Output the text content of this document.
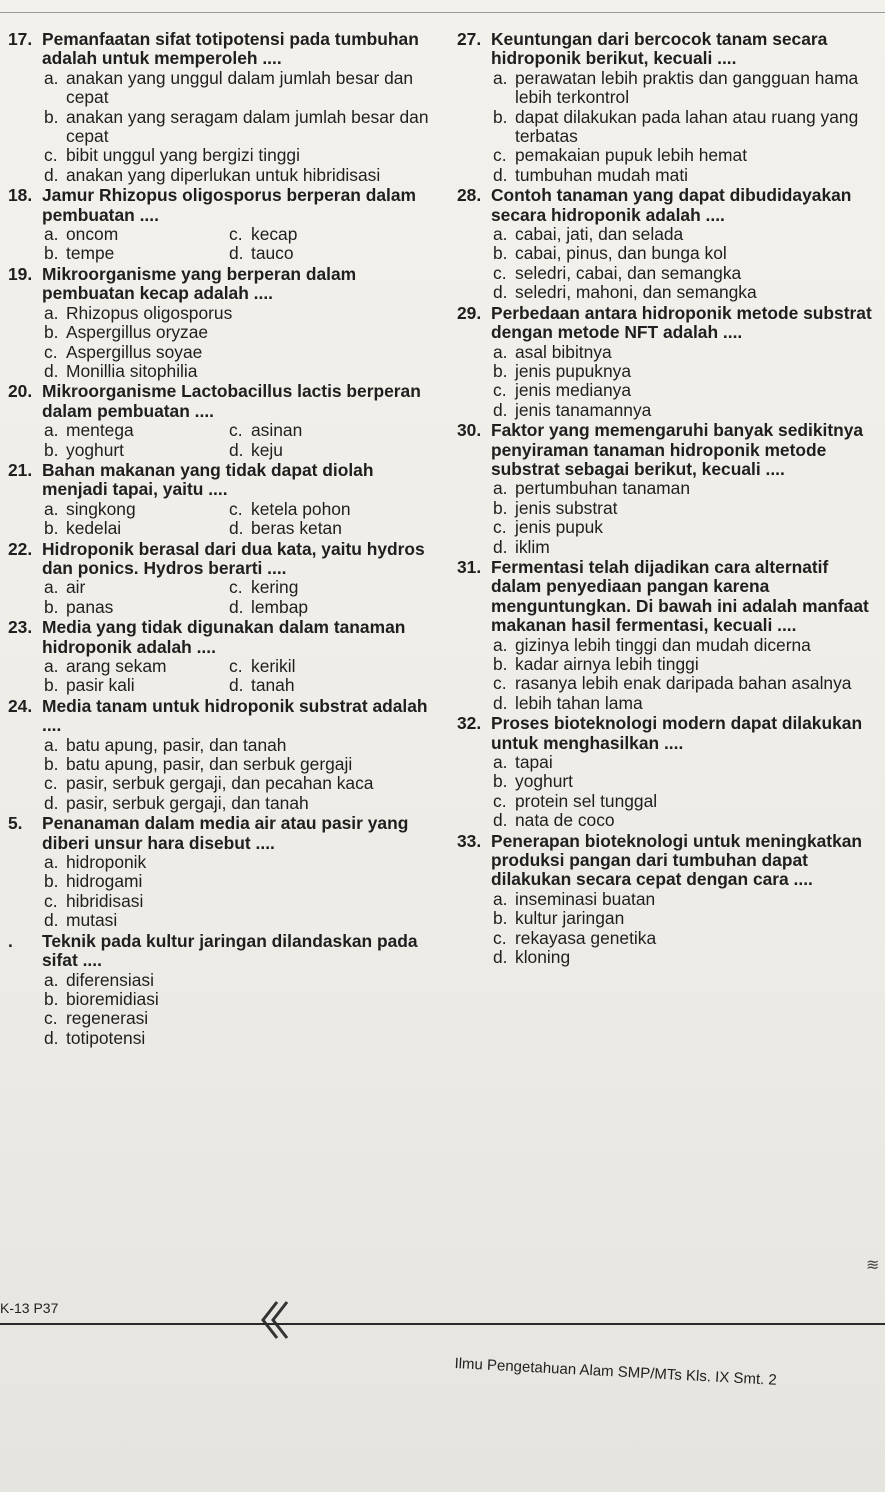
17. Pemanfaatan sifat totipotensi pada tumbuhan adalah untuk memperoleh ....
a. anakan yang unggul dalam jumlah besar dan cepat
b. anakan yang seragam dalam jumlah besar dan cepat
c. bibit unggul yang bergizi tinggi
d. anakan yang diperlukan untuk hibridisasi
18. Jamur Rhizopus oligosporus berperan dalam pembuatan ....
a. oncom	c. kecap
b. tempe	d. tauco
19. Mikroorganisme yang berperan dalam pembuatan kecap adalah ....
a. Rhizopus oligosporus
b. Aspergillus oryzae
c. Aspergillus soyae
d. Monillia sitophilia
20. Mikroorganisme Lactobacillus lactis berperan dalam pembuatan ....
a. mentega	c. asinan
b. yoghurt	d. keju
21. Bahan makanan yang tidak dapat diolah menjadi tapai, yaitu ....
a. singkong	c. ketela pohon
b. kedelai	d. beras ketan
22. Hidroponik berasal dari dua kata, yaitu hydros dan ponics. Hydros berarti ....
a. air	c. kering
b. panas	d. lembap
23. Media yang tidak digunakan dalam tanaman hidroponik adalah ....
a. arang sekam	c. kerikil
b. pasir kali	d. tanah
24. Media tanam untuk hidroponik substrat adalah ....
a. batu apung, pasir, dan tanah
b. batu apung, pasir, dan serbuk gergaji
c. pasir, serbuk gergaji, dan pecahan kaca
d. pasir, serbuk gergaji, dan tanah
5.	Penanaman dalam media air atau pasir yang diberi unsur hara disebut ....
a. hidroponik
b. hidrogami
c. hibridisasi
d. mutasi
.	Teknik pada kultur jaringan dilandaskan pada sifat ....
a. diferensiasi
b. bioremidiasi
c. regenerasi
d. totipotensi
27. Keuntungan dari bercocok tanam secara hidroponik berikut, kecuali ....
a. perawatan lebih praktis dan gangguan hama lebih terkontrol
b. dapat dilakukan pada lahan atau ruang yang terbatas
c. pemakaian pupuk lebih hemat
d. tumbuhan mudah mati
28. Contoh tanaman yang dapat dibudidayakan secara hidroponik adalah ....
a. cabai, jati, dan selada
b. cabai, pinus, dan bunga kol
c. seledri, cabai, dan semangka
d. seledri, mahoni, dan semangka
29. Perbedaan antara hidroponik metode substrat dengan metode NFT adalah ....
a. asal bibitnya
b. jenis pupuknya
c. jenis medianya
d. jenis tanamannya
30. Faktor yang memengaruhi banyak sedikitnya penyiraman tanaman hidroponik metode substrat sebagai berikut, kecuali ....
a. pertumbuhan tanaman
b. jenis substrat
c. jenis pupuk
d. iklim
31. Fermentasi telah dijadikan cara alternatif dalam penyediaan pangan karena menguntungkan. Di bawah ini adalah manfaat makanan hasil fermentasi, kecuali ....
a. gizinya lebih tinggi dan mudah dicerna
b. kadar airnya lebih tinggi
c. rasanya lebih enak daripada bahan asalnya
d. lebih tahan lama
32. Proses bioteknologi modern dapat dilakukan untuk menghasilkan ....
a. tapai
b. yoghurt
c. protein sel tunggal
d. nata de coco
33. Penerapan bioteknologi untuk meningkatkan produksi pangan dari tumbuhan dapat dilakukan secara cepat dengan cara ....
a. inseminasi buatan
b. kultur jaringan
c. rekayasa genetika
d. kloning
≋
K-13 P37
Ilmu Pengetahuan Alam SMP/MTs Kls. IX Smt. 2
